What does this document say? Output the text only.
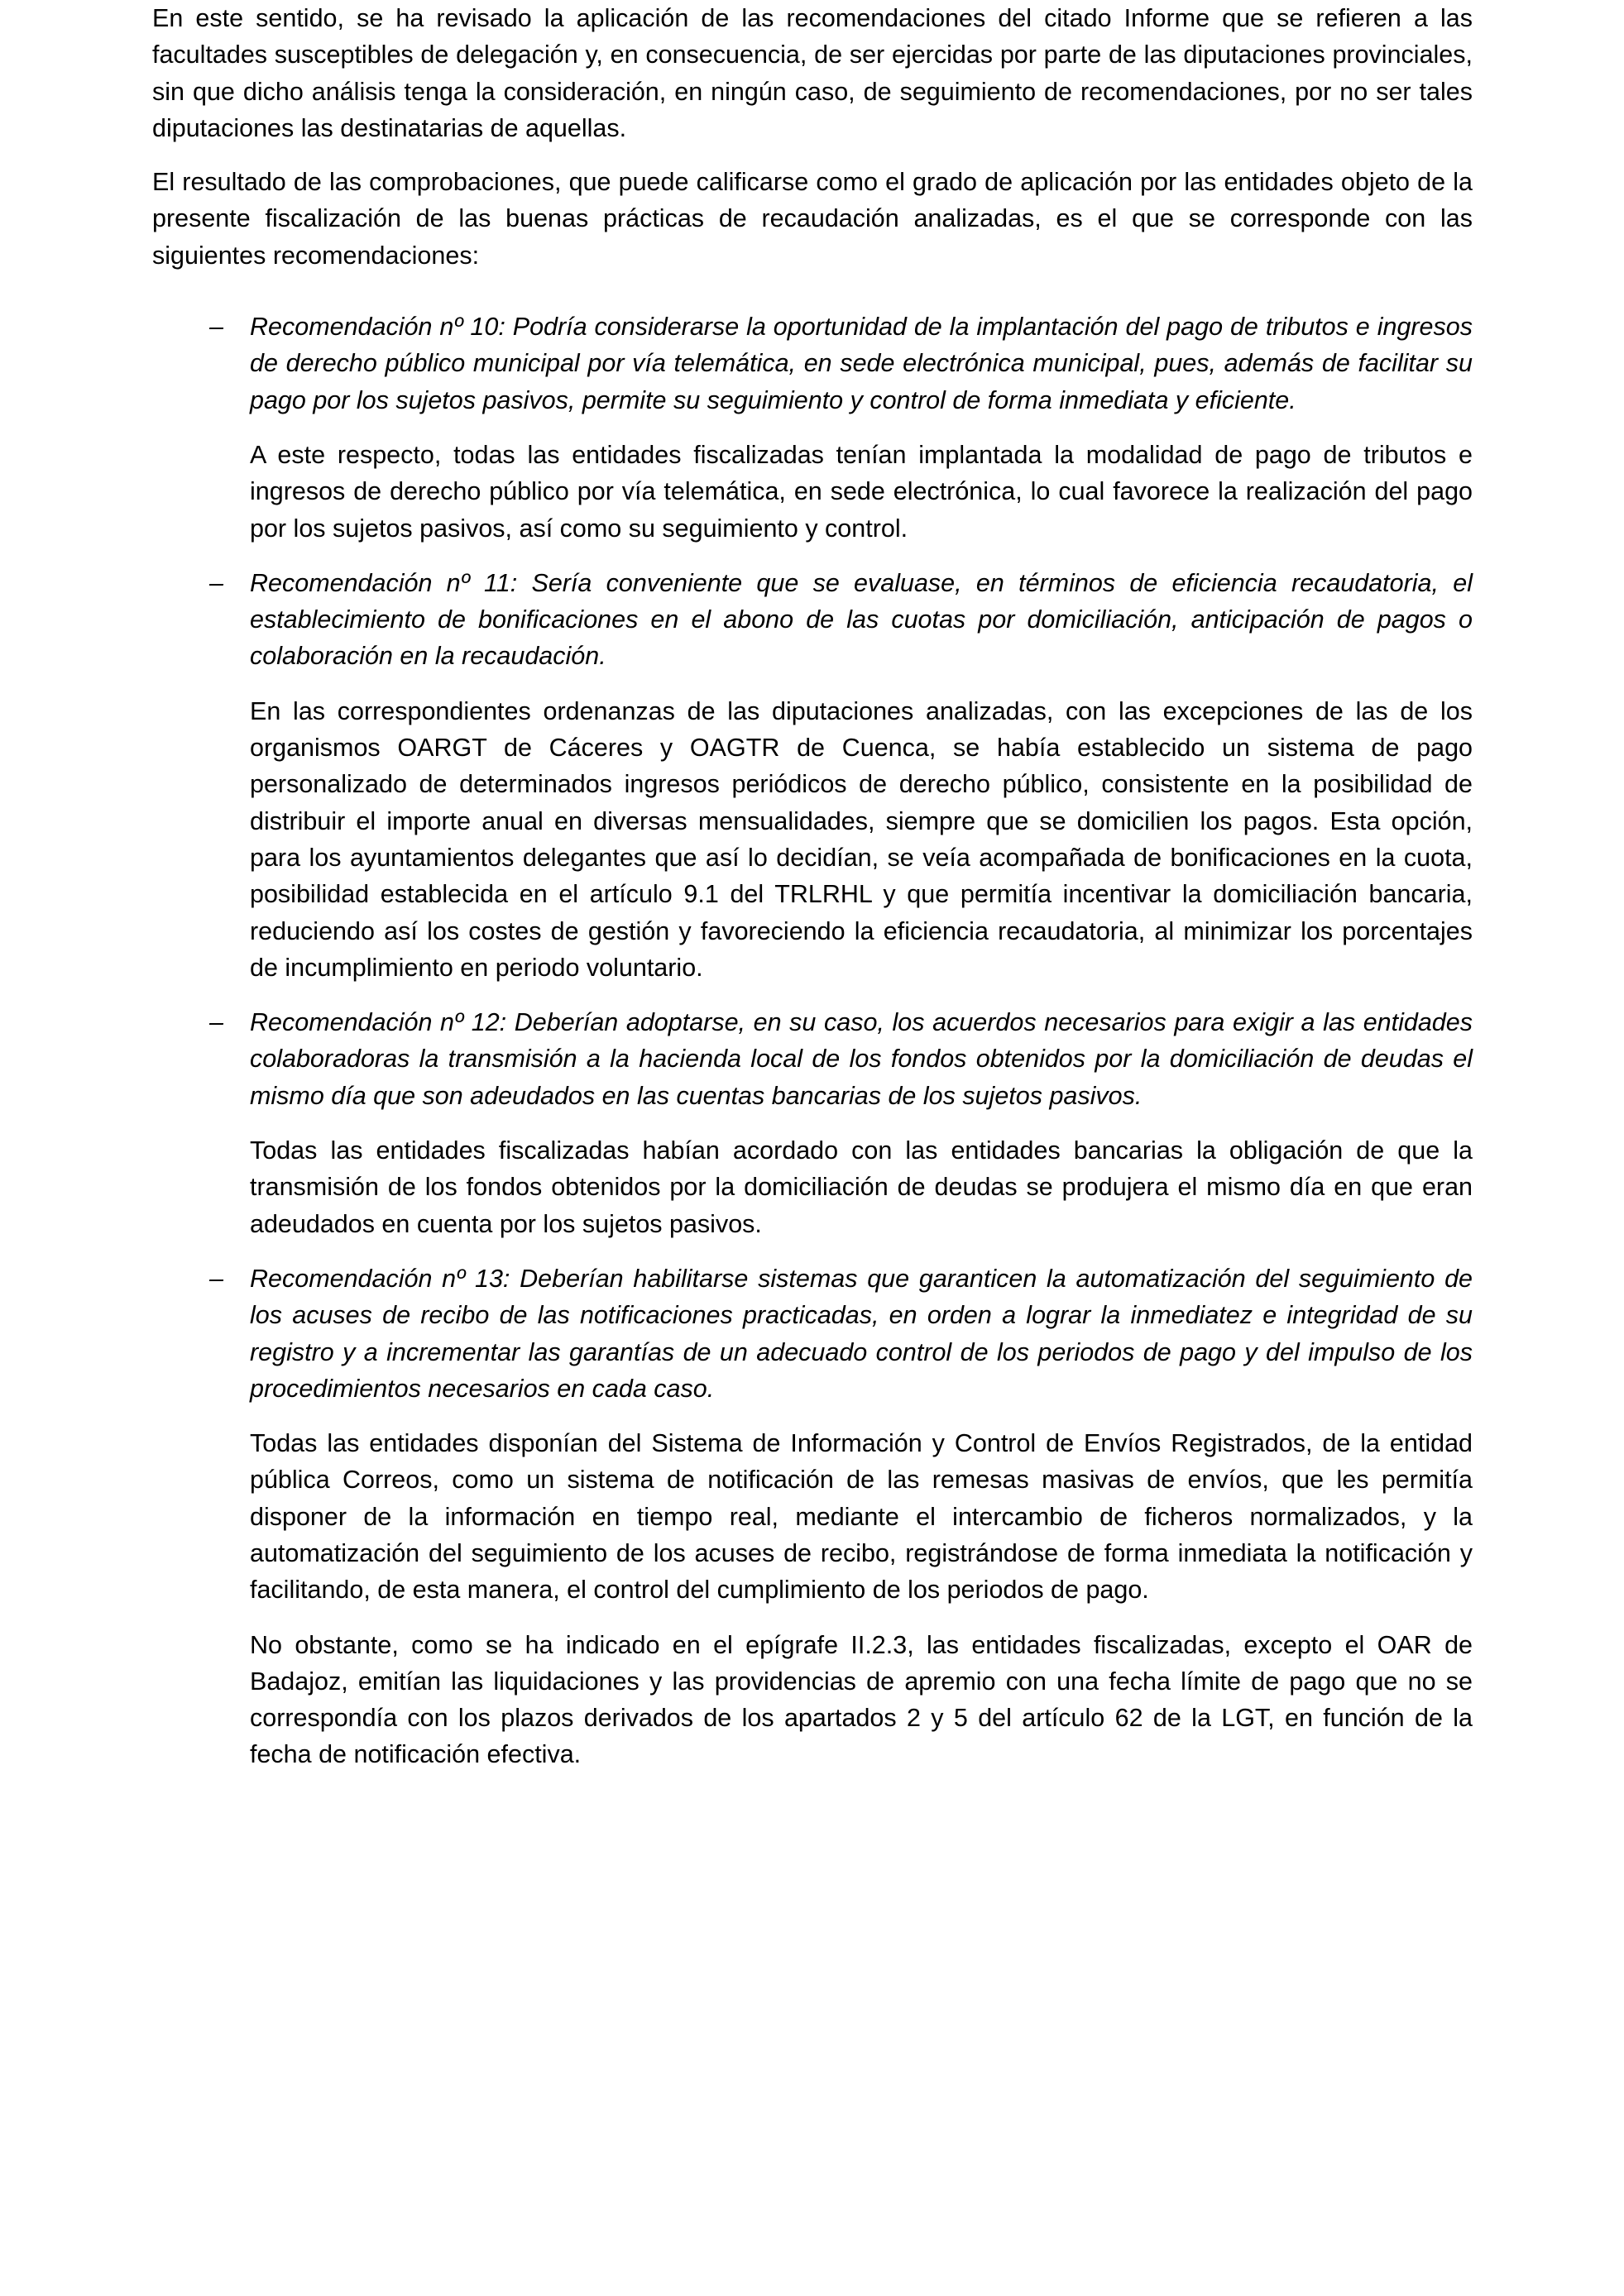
En este sentido, se ha revisado la aplicación de las recomendaciones del citado Informe que se refieren a las facultades susceptibles de delegación y, en consecuencia, de ser ejercidas por parte de las diputaciones provinciales, sin que dicho análisis tenga la consideración, en ningún caso, de seguimiento de recomendaciones, por no ser tales diputaciones las destinatarias de aquellas.

El resultado de las comprobaciones, que puede calificarse como el grado de aplicación por las entidades objeto de la presente fiscalización de las buenas prácticas de recaudación analizadas, es el que se corresponde con las siguientes recomendaciones:

– Recomendación nº 10: Podría considerarse la oportunidad de la implantación del pago de tributos e ingresos de derecho público municipal por vía telemática, en sede electrónica municipal, pues, además de facilitar su pago por los sujetos pasivos, permite su seguimiento y control de forma inmediata y eficiente.

A este respecto, todas las entidades fiscalizadas tenían implantada la modalidad de pago de tributos e ingresos de derecho público por vía telemática, en sede electrónica, lo cual favorece la realización del pago por los sujetos pasivos, así como su seguimiento y control.

– Recomendación nº 11: Sería conveniente que se evaluase, en términos de eficiencia recaudatoria, el establecimiento de bonificaciones en el abono de las cuotas por domiciliación, anticipación de pagos o colaboración en la recaudación.

En las correspondientes ordenanzas de las diputaciones analizadas, con las excepciones de las de los organismos OARGT de Cáceres y OAGTR de Cuenca, se había establecido un sistema de pago personalizado de determinados ingresos periódicos de derecho público, consistente en la posibilidad de distribuir el importe anual en diversas mensualidades, siempre que se domicilien los pagos. Esta opción, para los ayuntamientos delegantes que así lo decidían, se veía acompañada de bonificaciones en la cuota, posibilidad establecida en el artículo 9.1 del TRLRHL y que permitía incentivar la domiciliación bancaria, reduciendo así los costes de gestión y favoreciendo la eficiencia recaudatoria, al minimizar los porcentajes de incumplimiento en periodo voluntario.

– Recomendación nº 12: Deberían adoptarse, en su caso, los acuerdos necesarios para exigir a las entidades colaboradoras la transmisión a la hacienda local de los fondos obtenidos por la domiciliación de deudas el mismo día que son adeudados en las cuentas bancarias de los sujetos pasivos.

Todas las entidades fiscalizadas habían acordado con las entidades bancarias la obligación de que la transmisión de los fondos obtenidos por la domiciliación de deudas se produjera el mismo día en que eran adeudados en cuenta por los sujetos pasivos.

– Recomendación nº 13: Deberían habilitarse sistemas que garanticen la automatización del seguimiento de los acuses de recibo de las notificaciones practicadas, en orden a lograr la inmediatez e integridad de su registro y a incrementar las garantías de un adecuado control de los periodos de pago y del impulso de los procedimientos necesarios en cada caso.

Todas las entidades disponían del Sistema de Información y Control de Envíos Registrados, de la entidad pública Correos, como un sistema de notificación de las remesas masivas de envíos, que les permitía disponer de la información en tiempo real, mediante el intercambio de ficheros normalizados, y la automatización del seguimiento de los acuses de recibo, registrándose de forma inmediata la notificación y facilitando, de esta manera, el control del cumplimiento de los periodos de pago.

No obstante, como se ha indicado en el epígrafe II.2.3, las entidades fiscalizadas, excepto el OAR de Badajoz, emitían las liquidaciones y las providencias de apremio con una fecha límite de pago que no se correspondía con los plazos derivados de los apartados 2 y 5 del artículo 62 de la LGT, en función de la fecha de notificación efectiva.
